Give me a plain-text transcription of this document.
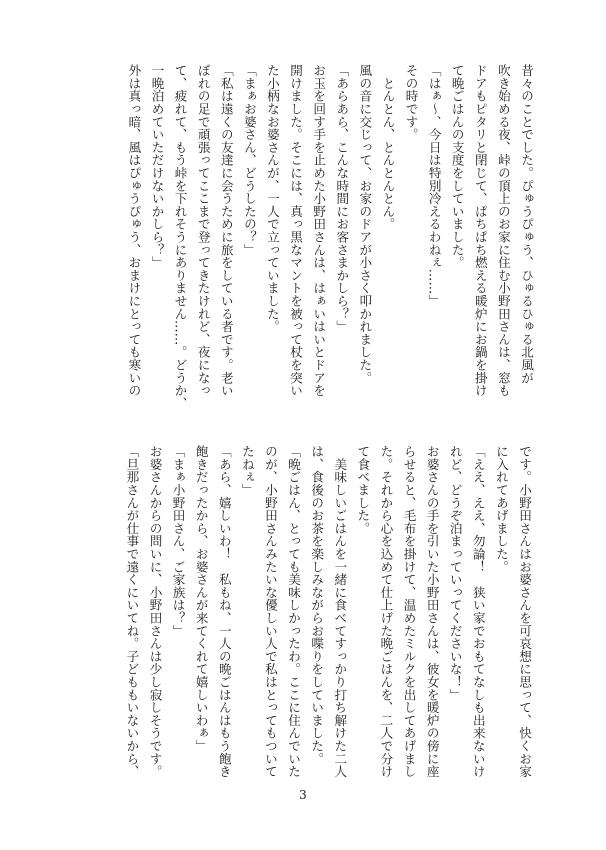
昔々のことでした。ぴゅうぴゅう、ひゅるひゅる北風が

吹き始める夜、峠の頂上のお家に住む小野田さんは、窓も

ドアもピタリと閉じて、ぱちぱち燃える暖炉にお鍋を掛け

て晩ごはんの支度をしていました。

「はぁ〜、今日は特別冷えるわねぇ……」

その時です。

　とんとん、とんとんとん。

風の音に交じって、お家のドアが小さく叩かれました。

「あらあら、こんな時間にお客さまかしら？」

お玉を回す手を止めた小野田さんは、はぁいはいとドアを

開けました。そこには、真っ黒なマントを被って杖を突い

た小柄なお婆さんが、一人で立っていました。

「まぁお婆さん、どうしたの？」

「私は遠くの友達に会うために旅をしている者です。老い

ぼれの足で頑張ってここまで登ってきたけれど、夜になっ

て、疲れて、もう峠を下れそうにありません……。どうか、

一晩泊めていただけないかしら？」

外は真っ暗、風はぴゅうぴゅう、おまけにとっても寒いの

です。小野田さんはお婆さんを可哀想に思って、快くお家

に入れてあげました。

「ええ、ええ、勿論！　狭い家でおもてなしも出来ないけ

れど、どうぞ泊まっていってくださいな！」

お婆さんの手を引いた小野田さんは、彼女を暖炉の傍に座

らせると、毛布を掛けて、温めたミルクを出してあげまし

た。それから心を込めて仕上げた晩ごはんを、二人で分け

て食べました。

　美味しいごはんを一緒に食べてすっかり打ち解けた二人

は、食後のお茶を楽しみながらお喋りをしていました。

「晩ごはん、とっても美味しかったわ。ここに住んでいた

のが、小野田さんみたいな優しい人で私はとってもついて

たねぇ」

「あら、嬉しいわ！　私もね、一人の晩ごはんはもう飽き

飽きだったから、お婆さんが来てくれて嬉しいわぁ」

「まぁ小野田さん、ご家族は？」

お婆さんからの問いに、小野田さんは少し寂しそうです。

「旦那さんが仕事で遠くにいてね。子どももいないから、

3
